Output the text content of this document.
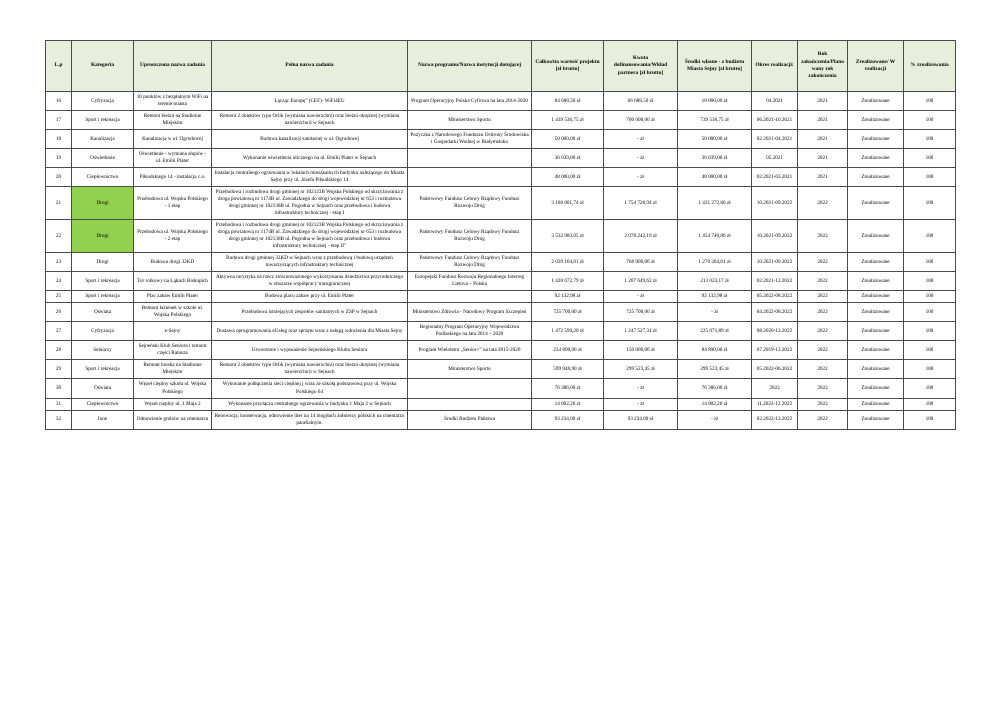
L.p	Kategoria	Uproszczona nazwa zadania	Pełna nazwa zadania	Nazwa programu/Nazwa instytucji dotującej	Całkowita wartość projektu [zł brutto]	Kwota dofinansowania/Wkład partnera [zł brutto]	Środki własne - z budżetu Miasta Sejny [zł brutto]	Okres realizacji:	Rok zakończenia/Planowany rok zakończenia	Zrealizowane/ W realizacji	% zrealizowania
16	Cyfryzacja	10 punktów z bezpłatnym WiFi na terenie miasta	Łącząc Europę" (CEF)- WiFi4EU	Program Operacyjny Polska Cyfrowa na lata 2014-2020	84 688,50 zł	66 688,50 zł	18 000,00 zł	04.2021	2021	Zrealizowane	100
17	Sport i rekreacja	Remont bieżni na Stadionie Miejskim	Remont 2 obiektów typu Orlik (wymiana nawierzchni) oraz bieżni okrężnej (wymiana nawierzchni) w Sejnach	Ministerstwo Sportu	1 439 536,75 zł	700 000,00 zł	739 536,75 zł	06.2021-10.2021	2021	Zrealizowane	100
18	Kanalizacja	Kanalizacja w ul. Ogrodowej	Budowa kanalizacji sanitarnej w ul. Ogrodowej	Pożyczka z Narodowego Funduszu Ochrony Środowiska i Gospodarki Wodnej w Białymstoku	50 000,00 zł	- zł	50 000,00 zł	02.2021-04.2021	2021	Zrealizowane	100
19	Oświetlenie	Oświetlenie - wymiana słupów - ul. Emilii Plater	Wykonanie oświetlenia ulicznego na ul. Emilii Plater w Sejnach		36 039,00 zł	- zł	36 039,00 zł	05.2021	2021	Zrealizowane	100
20	Ciepłownictwo	Piłsudskiego 14 - instalacja c.o.	Instalacja centralnego ogrzewania w lokalach mieszkalnych budynku należącego do Miasta Sejny przy ul. Józefa Piłsudskiego 14		48 000,00 zł	- zł	48 000,00 zł	02.2021-03.2021	2021	Zrealizowane	100
21	Drogi	Przebudowa ul. Wojska Polskiego - 1 etap	Przebudowa i rozbudowa drogi gminnej nr 102123B Wojska Polskiego od skrzyżowania z drogą powiatową nr 1174B ul. Zawadzkiego do drogi wojewódzkiej nr 653 i rozbudowa drogi gminnej nr 102138B ul. Pogodna w Sejnach oraz przebudowa i budowa infrastruktury technicznej - etap I	Państwowy Fundusz Celowy Rządowy Fundusz Rozwoju Dróg	3 186 001,74 zł	1 754 728,94 zł	1 431 272,80 zł	10.2021-09.2022	2022	Zrealizowane	100
22	Drogi	Przebudowa ul. Wojska Polskiego - 2 etap	Przebudowa i rozbudowa drogi gminnej nr 102123B Wojska Polskiego od skrzyżowania z drogą powiatową nr 1174B ul. Zawadzkiego do drogi wojewódzkiej nr 653 i rozbudowa drogi gminnej nr 102138B ul. Pogodna w Sejnach oraz przebudowa i budowa infrastruktury technicznej - etap II"	Państwowy Fundusz Celowy Rządowy Fundusz Rozwoju Dróg	3 532 983,05 zł	2 078 242,19 zł	1 454 740,86 zł	10.2021-09.2022	2022	Zrealizowane	100
23	Drogi	Budowa drogi 32KD	Budowa drogi gminnej 32KD w Sejnach wraz z przebudową i budową urządzeń towarzyszących infrastruktury technicznej	Państwowy Fundusz Celowy Rządowy Fundusz Rozwoju Dróg	2 039 164,01 zł	768 900,00 zł	1 270 264,01 zł	10.2021-09.2022	2022	Zrealizowane	100
24	Sport i rekreacja	Tor rolkowy na Łąkach Biskupich	Aktywna turystyka na rzecz zrównoważonego wykorzystania dziedzictwa przyrodniczego w obszarze współpracy transgranicznej	Europejski Fundusz Rozwoju Regionalnego Interreg Lietuva – Polska	1 420 672,79 zł	1 207 649,62 zł	213 023,17 zł	02.2021-12.2022	2022	Zrealizowane	100
25	Sport i rekreacja	Plac zabaw Emilii Plater	Budowa placu zabaw przy ul. Emilii Plater		92 132,98 zł	- zł	92 132,98 zł	05.2022-08.2022	2022	Zrealizowane	100
26	Oświata	Remont łazienek w szkole ul. Wojska Polskiego	Przebudowa istniejących zespołów sanitarnych w ZSP w Sejnach	Ministerstwo Zdrowia - Narodowy Program Szczepień	725 700,00 zł	725 700,00 zł	- zł	04.2022-08.2022	2022	Zrealizowane	100
27	Cyfryzacja	e-Sejny	Dostawa oprogramowania eUsług oraz sprzętu wraz z usługą wdrożenia dla Miasta Sejny	Regionalny Program Operacyjny Województwa Podlaskiego na lata 2014 – 2020	1 472 599,20 zł	1 247 527,31 zł	225 071,89 zł	08.2020-12.2022	2022	Zrealizowane	100
28	Seniorzy	Sejneński Klub Seniora i remont części Ratusza	Utworzenie i wyposażenie Sejneńskiego Klubu Seniora	Program Wieloletni „Senior+” na lata 2015-2020	234 890,00 zł	150 000,00 zł	84 890,00 zł	07.2019-12.2022	2022	Zrealizowane	100
29	Sport i rekreacja	Remont boiska na Stadionie Miejskim	Remont 2 obiektów typu Orlik (wymiana nawierzchni) oraz bieżni okrężnej (wymiana nawierzchni) w Sejnach	Ministerstwo Sportu	599 046,90 zł	299 523,45 zł	299 523,45 zł	05.2022-06.2022	2022	Zrealizowane	100
30	Oświata	Węzeł cieplny szkoła ul. Wojska Polskiego	Wykonanie podłączenia sieci cieplnej j wraz ze szkołą podstawową przy ul. Wojska Polskiego 64		76 386,00 zł	- zł	76 386,00 zł	2022	2022	Zrealizowane	100
31	Ciepłownictwo	Węzeł cieplny ul. 1 Maja 2	Wykonanie przyłącza centralnego ogrzewania w budynku 1 Maja 2 w Sejnach		14 002,26 zł	- zł	14 002,26 zł	11.2022-12.2022	2022	Zrealizowane	100
32	Inne	Odnowienie grobów na cmentarzu	Renowacja, konserwacja, odnowienie liter na 14 mogiłach żołnierzy polskich na cmentarzu parafialnym.	Środki Budżetu Państwa	93 234,00 zł	93 234,00 zł	- zł	03.2022-12.2022	2022	Zrealizowane	100
